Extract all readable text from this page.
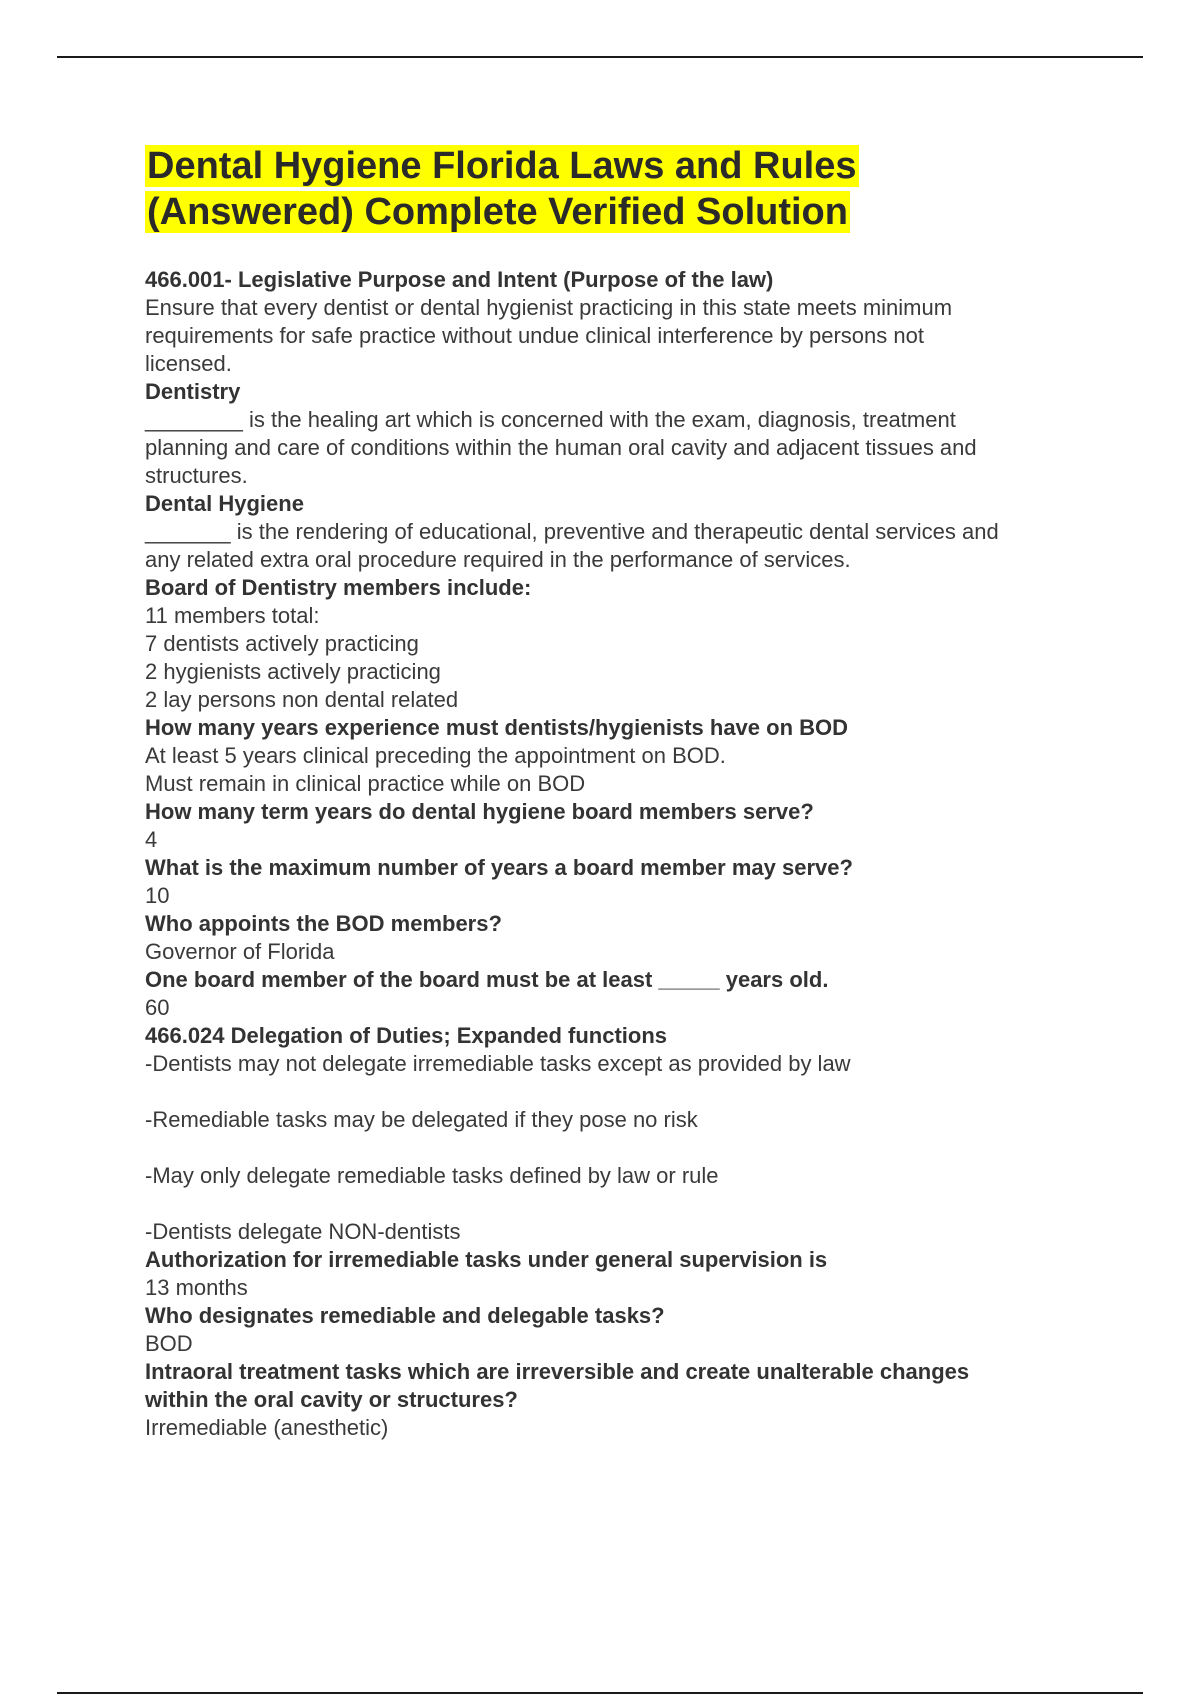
Dental Hygiene Florida Laws and Rules
(Answered) Complete Verified Solution
466.001- Legislative Purpose and Intent (Purpose of the law)
Ensure that every dentist or dental hygienist practicing in this state meets minimum
requirements for safe practice without undue clinical interference by persons not
licensed.
Dentistry
________ is the healing art which is concerned with the exam, diagnosis, treatment
planning and care of conditions within the human oral cavity and adjacent tissues and
structures.
Dental Hygiene
_______ is the rendering of educational, preventive and therapeutic dental services and
any related extra oral procedure required in the performance of services.
Board of Dentistry members include:
11 members total:
7 dentists actively practicing
2 hygienists actively practicing
2 lay persons non dental related
How many years experience must dentists/hygienists have on BOD
At least 5 years clinical preceding the appointment on BOD.
Must remain in clinical practice while on BOD
How many term years do dental hygiene board members serve?
4
What is the maximum number of years a board member may serve?
10
Who appoints the BOD members?
Governor of Florida
One board member of the board must be at least _____ years old.
60
466.024 Delegation of Duties; Expanded functions
-Dentists may not delegate irremediable tasks except as provided by law
-Remediable tasks may be delegated if they pose no risk
-May only delegate remediable tasks defined by law or rule
-Dentists delegate NON-dentists
Authorization for irremediable tasks under general supervision is
13 months
Who designates remediable and delegable tasks?
BOD
Intraoral treatment tasks which are irreversible and create unalterable changes
within the oral cavity or structures?
Irremediable (anesthetic)
